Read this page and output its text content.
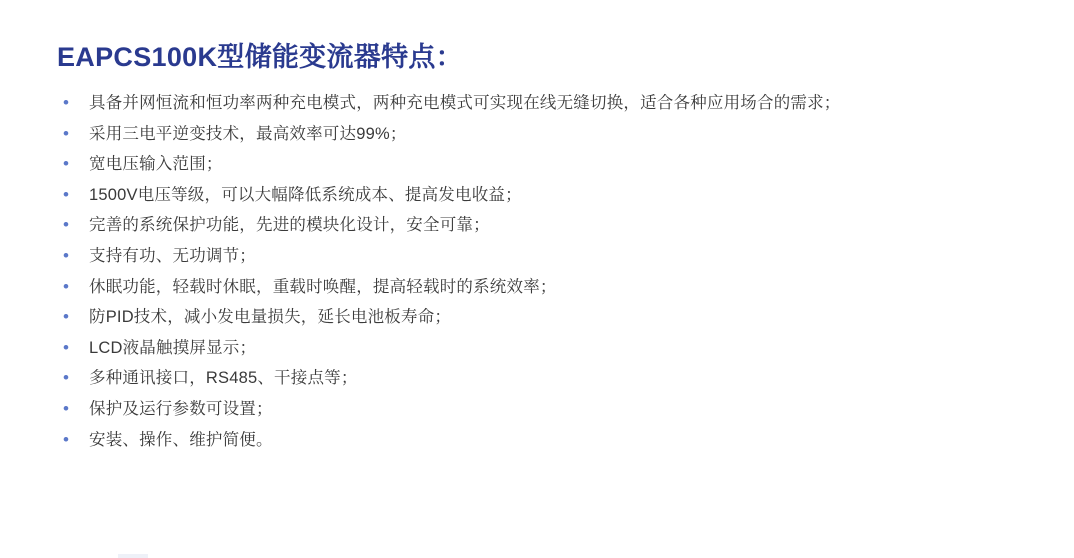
EAPCS100K型储能变流器特点：
• 具备并网恒流和恒功率两种充电模式，两种充电模式可实现在线无缝切换，适合各种应用场合的需求；
• 采用三电平逆变技术，最高效率可达99%；
• 宽电压输入范围；
• 1500V电压等级，可以大幅降低系统成本、提高发电收益；
• 完善的系统保护功能，先进的模块化设计，安全可靠；
• 支持有功、无功调节；
• 休眠功能，轻载时休眠，重载时唤醒，提高轻载时的系统效率；
• 防PID技术，减小发电量损失，延长电池板寿命；
• LCD液晶触摸屏显示；
• 多种通讯接口，RS485、干接点等；
• 保护及运行参数可设置；
• 安装、操作、维护简便。
